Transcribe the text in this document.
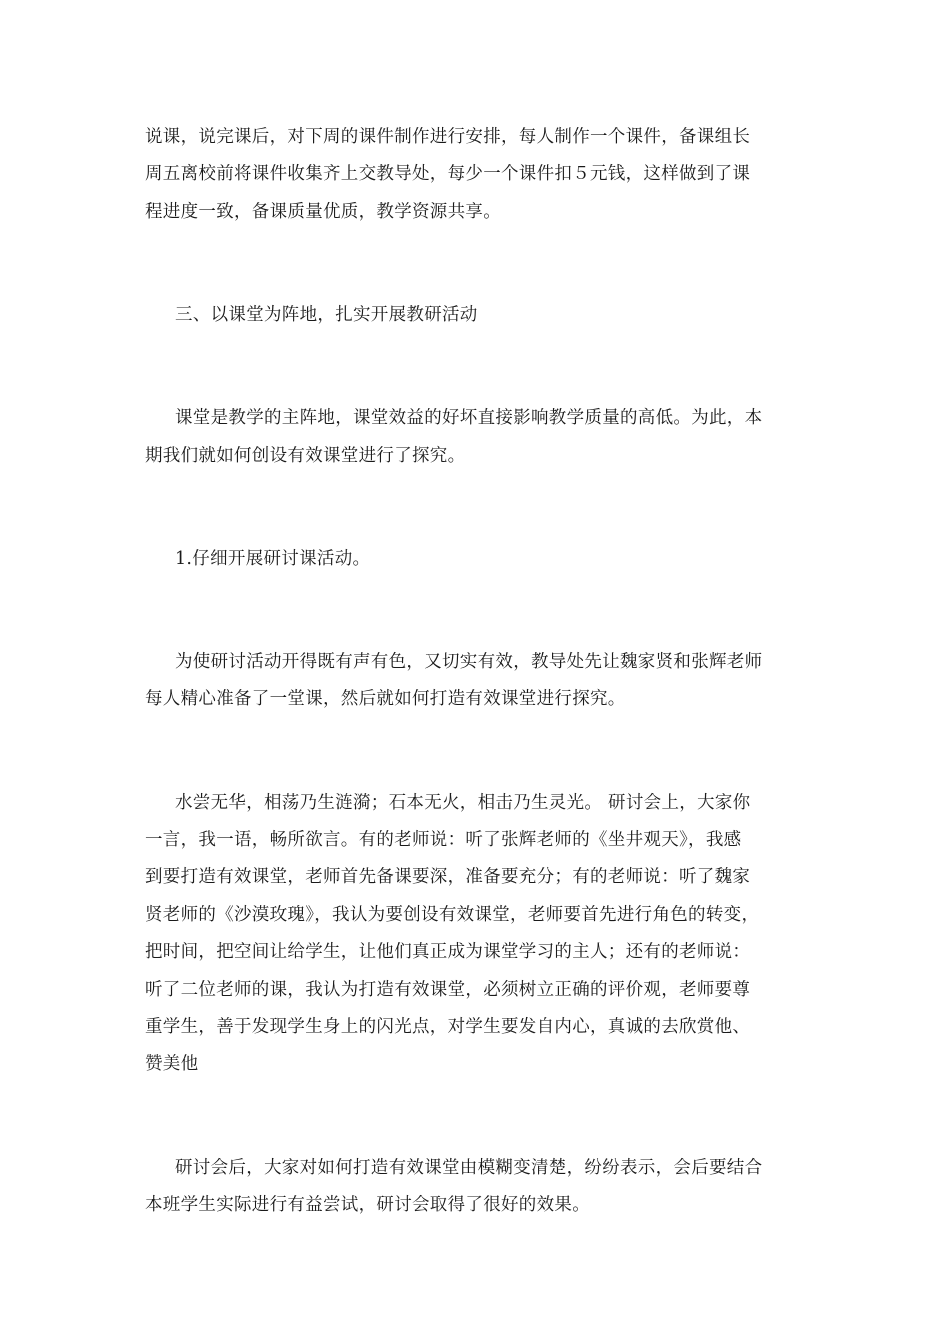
说课，说完课后，对下周的课件制作进行安排，每人制作一个课件，备课组长
周五离校前将课件收集齐上交教导处，每少一个课件扣５元钱，这样做到了课
程进度一致，备课质量优质，教学资源共享。
三、以课堂为阵地，扎实开展教研活动
课堂是教学的主阵地，课堂效益的好坏直接影响教学质量的高低。为此，本
期我们就如何创设有效课堂进行了探究。
1.仔细开展研讨课活动。
为使研讨活动开得既有声有色，又切实有效，教导处先让魏家贤和张辉老师
每人精心准备了一堂课，然后就如何打造有效课堂进行探究。
水尝无华，相荡乃生涟漪；石本无火，相击乃生灵光。 研讨会上，大家你
一言，我一语，畅所欲言。有的老师说：听了张辉老师的《坐井观天》，我感
到要打造有效课堂，老师首先备课要深，准备要充分；有的老师说：听了魏家
贤老师的《沙漠玫瑰》，我认为要创设有效课堂，老师要首先进行角色的转变，
把时间，把空间让给学生，让他们真正成为课堂学习的主人；还有的老师说：
听了二位老师的课，我认为打造有效课堂，必须树立正确的评价观，老师要尊
重学生，善于发现学生身上的闪光点，对学生要发自内心，真诚的去欣赏他、
赞美他
研讨会后，大家对如何打造有效课堂由模糊变清楚，纷纷表示，会后要结合
本班学生实际进行有益尝试，研讨会取得了很好的效果。
